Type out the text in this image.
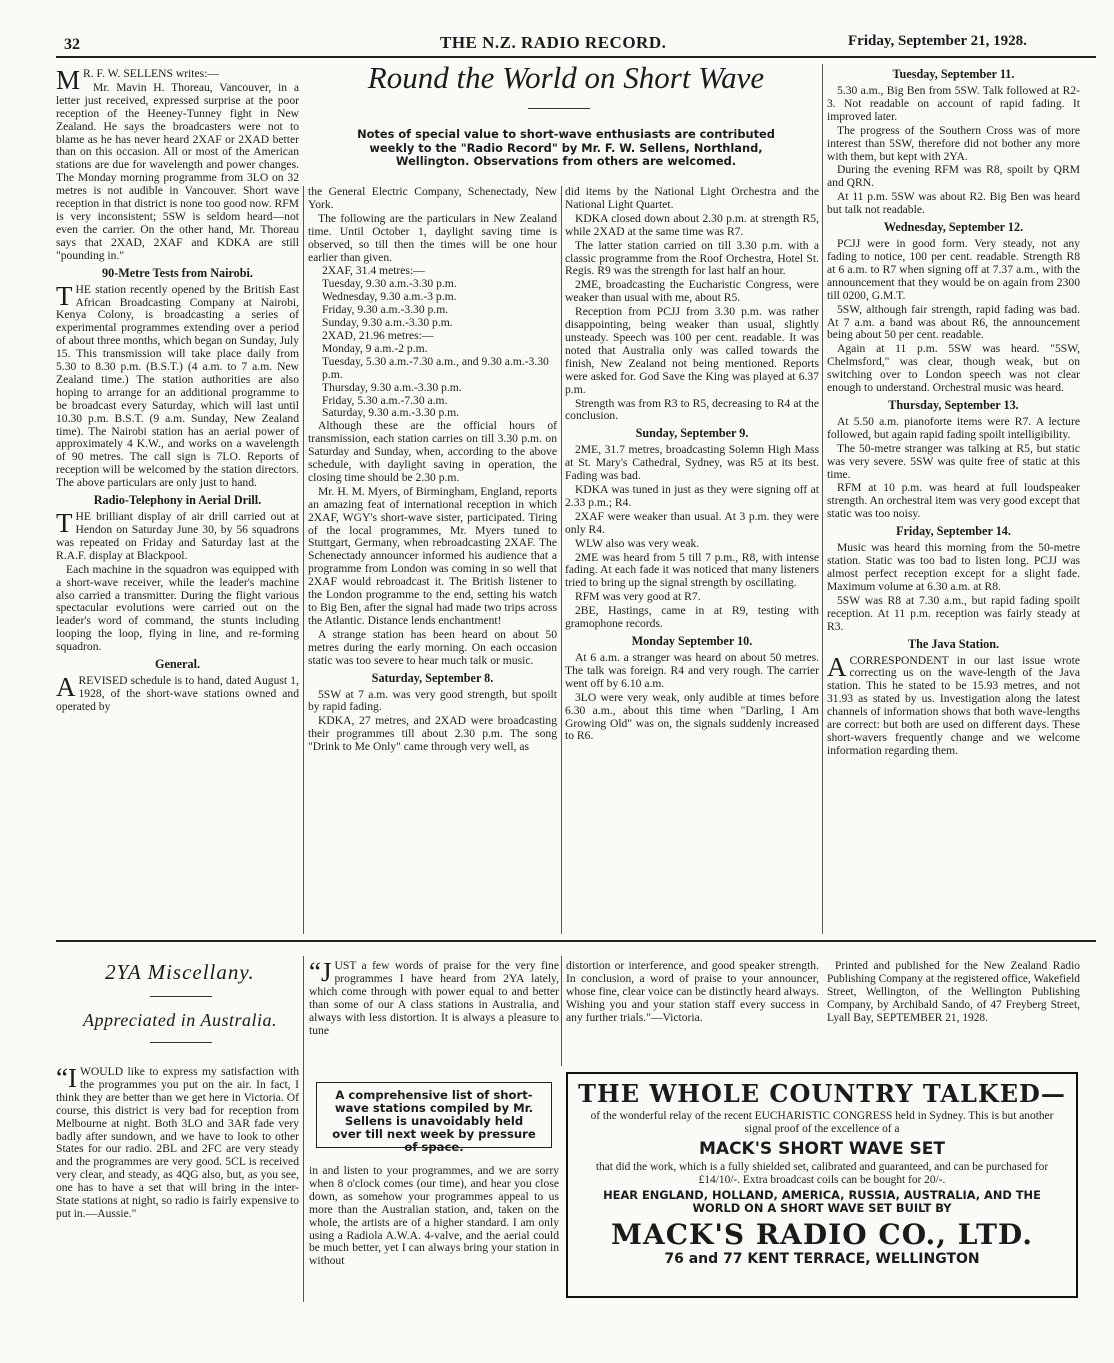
32	THE N.Z. RADIO RECORD.	Friday, September 21, 1928.
Round the World on Short Wave
Notes of special value to short-wave enthusiasts are contributed weekly to the "Radio Record" by Mr. F. W. Sellens, Northland, Wellington. Observations from others are welcomed.

M R. F. W. SELLENS writes:—

Mr. Mavin H. Thoreau, Vancouver, in a letter just received, expressed surprise at the poor reception of the Heeney-Tunney fight in New Zealand. He says the broadcasters were not to blame as he has never heard 2XAF or 2XAD better than on this occasion. All or most of the American stations are due for wavelength and power changes. The Monday morning programme from 3LO on 32 metres is not audible in Vancouver. Short wave reception in that district is none too good now. RFM is very inconsistent; 5SW is seldom heard—not even the carrier. On the other hand, Mr. Thoreau says that 2XAD, 2XAF and KDKA are still "pounding in."

90-Metre Tests from Nairobi.

THE station recently opened by the British East African Broadcasting Company at Nairobi, Kenya Colony, is broadcasting a series of experimental programmes extending over a period of about three months, which began on Sunday, July 15. This transmission will take place daily from 5.30 to 8.30 p.m. (B.S.T.) (4 a.m. to 7 a.m. New Zealand time.) The station authorities are also hoping to arrange for an additional programme to be broadcast every Saturday, which will last until 10.30 p.m. B.S.T. (9 a.m. Sunday, New Zealand time). The Nairobi station has an aerial power of approximately 4 K.W., and works on a wavelength of 90 metres. The call sign is 7LO. Reports of reception will be welcomed by the station directors. The above particulars are only just to hand.

Radio-Telephony in Aerial Drill.

THE brilliant display of air drill carried out at Hendon on Saturday June 30, by 56 squadrons was repeated on Friday and Saturday last at the R.A.F. display at Blackpool.

Each machine in the squadron was equipped with a short-wave receiver, while the leader's machine also carried a transmitter. During the flight various spectacular evolutions were carried out on the leader's word of command, the stunts including looping the loop, flying in line, and re-forming squadron.

General.

AREVISED schedule is to hand, dated August 1, 1928, of the short-wave stations owned and operated by

the General Electric Company, Schenectady, New York.

The following are the particulars in New Zealand time. Until October 1, daylight saving time is observed, so till then the times will be one hour earlier than given.

2XAF, 31.4 metres:—
Tuesday, 9.30 a.m.-3.30 p.m.
Wednesday, 9.30 a.m.-3 p.m.
Friday, 9.30 a.m.-3.30 p.m.
Sunday, 9.30 a.m.-3.30 p.m.
2XAD, 21.96 metres:—
Monday, 9 a.m.-2 p.m.
Tuesday, 5.30 a.m.-7.30 a.m., and 9.30 a.m.-3.30 p.m.
Thursday, 9.30 a.m.-3.30 p.m.
Friday, 5.30 a.m.-7.30 a.m.
Saturday, 9.30 a.m.-3.30 p.m.

Although these are the official hours of transmission, each station carries on till 3.30 p.m. on Saturday and Sunday, when, according to the above schedule, with daylight saving in operation, the closing time should be 2.30 p.m.

Mr. H. M. Myers, of Birmingham, England, reports an amazing feat of international reception in which 2XAF, WGY's short-wave sister, participated. Tiring of the local programmes, Mr. Myers tuned to Stuttgart, Germany, when rebroadcasting 2XAF. The Schenectady announcer informed his audience that a programme from London was coming in so well that 2XAF would rebroadcast it. The British listener to the London programme to the end, setting his watch to Big Ben, after the signal had made two trips across the Atlantic. Distance lends enchantment!

A strange station has been heard on about 50 metres during the early morning. On each occasion static was too severe to hear much talk or music.

Saturday, September 8.

5SW at 7 a.m. was very good strength, but spoilt by rapid fading.

KDKA, 27 metres, and 2XAD were broadcasting their programmes till about 2.30 p.m. The song "Drink to Me Only" came through very well, as

did items by the National Light Orchestra and the National Light Quartet.

KDKA closed down about 2.30 p.m. at strength R5, while 2XAD at the same time was R7.

The latter station carried on till 3.30 p.m. with a classic programme from the Roof Orchestra, Hotel St. Regis. R9 was the strength for last half an hour.

2ME, broadcasting the Eucharistic Congress, were weaker than usual with me, about R5.

Reception from PCJJ from 3.30 p.m. was rather disappointing, being weaker than usual, slightly unsteady. Speech was 100 per cent. readable. It was noted that Australia only was called towards the finish, New Zealand not being mentioned. Reports were asked for. God Save the King was played at 6.37 p.m.

Strength was from R3 to R5, decreasing to R4 at the conclusion.

Sunday, September 9.

2ME, 31.7 metres, broadcasting Solemn High Mass at St. Mary's Cathedral, Sydney, was R5 at its best. Fading was bad.

KDKA was tuned in just as they were signing off at 2.33 p.m.; R4.

2XAF were weaker than usual. At 3 p.m. they were only R4.

WLW also was very weak.

2ME was heard from 5 till 7 p.m., R8, with intense fading. At each fade it was noticed that many listeners tried to bring up the signal strength by oscillating.

RFM was very good at R7.

2BE, Hastings, came in at R9, testing with gramophone records.

Monday September 10.

At 6 a.m. a stranger was heard on about 50 metres. The talk was foreign. R4 and very rough. The carrier went off by 6.10 a.m.

3LO were very weak, only audible at times before 6.30 a.m., about this time when "Darling, I Am Growing Old" was on, the signals suddenly increased to R6.

Tuesday, September 11.

5.30 a.m., Big Ben from 5SW. Talk followed at R2-3. Not readable on account of rapid fading. It improved later.

The progress of the Southern Cross was of more interest than 5SW, therefore did not bother any more with them, but kept with 2YA.

During the evening RFM was R8, spoilt by QRM and QRN.

At 11 p.m. 5SW was about R2. Big Ben was heard but talk not readable.

Wednesday, September 12.

PCJJ were in good form. Very steady, not any fading to notice, 100 per cent. readable. Strength R8 at 6 a.m. to R7 when signing off at 7.37 a.m., with the announcement that they would be on again from 2300 till 0200, G.M.T.

5SW, although fair strength, rapid fading was bad. At 7 a.m. a band was about R6, the announcement being about 50 per cent. readable.

Again at 11 p.m. 5SW was heard. "5SW, Chelmsford," was clear, though weak, but on switching over to London speech was not clear enough to understand. Orchestral music was heard.

Thursday, September 13.

At 5.50 a.m. pianoforte items were R7. A lecture followed, but again rapid fading spoilt intelligibility.

The 50-metre stranger was talking at R5, but static was very severe. 5SW was quite free of static at this time.

RFM at 10 p.m. was heard at full loudspeaker strength. An orchestral item was very good except that static was too noisy.

Friday, September 14.

Music was heard this morning from the 50-metre station. Static was too bad to listen long. PCJJ was almost perfect reception except for a slight fade. Maximum volume at 6.30 a.m. at R8.

5SW was R8 at 7.30 a.m., but rapid fading spoilt reception. At 11 p.m. reception was fairly steady at R3.

The Java Station.

ACORRESPONDENT in our last issue wrote correcting us on the wave-length of the Java station. This he stated to be 15.93 metres, and not 31.93 as stated by us. Investigation along the latest channels of information shows that both wave-lengths are correct: but both are used on different days. These short-wavers frequently change and we welcome information regarding them.

2YA Miscellany.
Appreciated in Australia.

“IWOULD like to express my satisfaction with the programmes you put on the air. In fact, I think they are better than we get here in Victoria. Of course, this district is very bad for reception from Melbourne at night. Both 3LO and 3AR fade very badly after sundown, and we have to look to other States for our radio. 2BL and 2FC are very steady and the programmes are very good. 5CL is received very clear, and steady, as 4QG also, but, as you see, one has to have a set that will bring in the inter-State stations at night, so radio is fairly expensive to put in.—Aussie."

“JUST a few words of praise for the very fine programmes I have heard from 2YA lately, which come through with power equal to and better than some of our A class stations in Australia, and always with less distortion. It is always a pleasure to tune

A comprehensive list of short-wave stations compiled by Mr. Sellens is unavoidably held over till next week by pressure of space.

in and listen to your programmes, and we are sorry when 8 o'clock comes (our time), and hear you close down, as somehow your programmes appeal to us more than the Australian station, and, taken on the whole, the artists are of a higher standard. I am only using a Radiola A.W.A. 4-valve, and the aerial could be much better, yet I can always bring your station in without

distortion or interference, and good speaker strength. In conclusion, a word of praise to your announcer, whose fine, clear voice can be distinctly heard always. Wishing you and your station staff every success in any further trials."—Victoria.

Printed and published for the New Zealand Radio Publishing Company at the registered office, Wakefield Street, Wellington, of the Wellington Publishing Company, by Archibald Sando, of 47 Freyberg Street, Lyall Bay, SEPTEMBER 21, 1928.
THE WHOLE COUNTRY TALKED—
of the wonderful relay of the recent EUCHARISTIC CONGRESS held in Sydney. This is but another signal proof of the excellence of a
MACK'S SHORT WAVE SET
that did the work, which is a fully shielded set, calibrated and guaranteed, and can be purchased for £14/10/-. Extra broadcast coils can be bought for 20/-.
HEAR ENGLAND, HOLLAND, AMERICA, RUSSIA, AUSTRALIA, AND THE WORLD ON A SHORT WAVE SET BUILT BY
MACK'S RADIO CO., LTD.
76 and 77 KENT TERRACE, WELLINGTON
